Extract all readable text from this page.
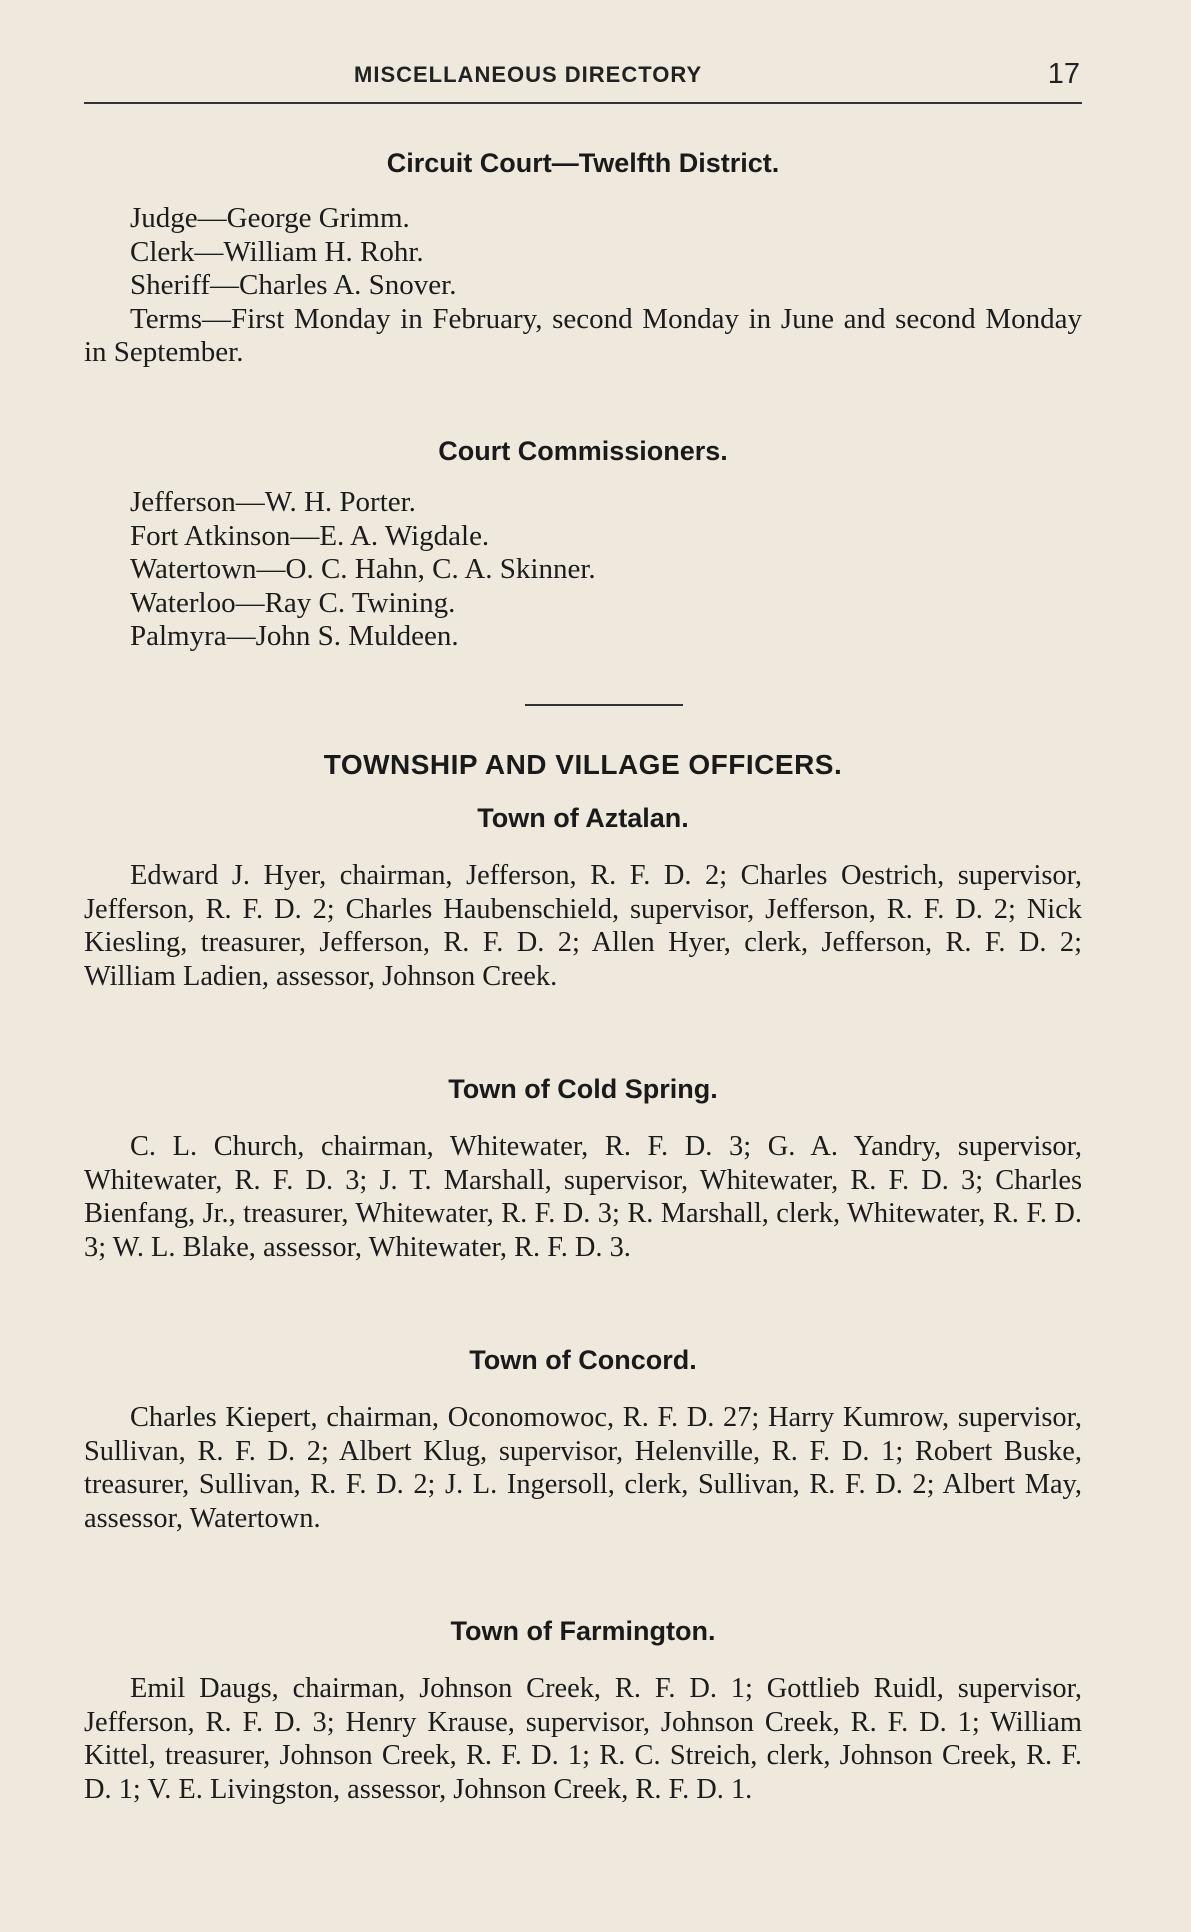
MISCELLANEOUS DIRECTORY	17
Circuit Court—Twelfth District.
Judge—George Grimm.
Clerk—William H. Rohr.
Sheriff—Charles A. Snover.

Terms—First Monday in February, second Monday in June and second Monday in September.

Court Commissioners.
Jefferson—W. H. Porter.
Fort Atkinson—E. A. Wigdale.
Watertown—O. C. Hahn, C. A. Skinner.
Waterloo—Ray C. Twining.
Palmyra—John S. Muldeen.
TOWNSHIP AND VILLAGE OFFICERS.
Town of Aztalan.

Edward J. Hyer, chairman, Jefferson, R. F. D. 2; Charles Oestrich, supervisor, Jefferson, R. F. D. 2; Charles Haubenschield, supervisor, Jefferson, R. F. D. 2; Nick Kiesling, treasurer, Jefferson, R. F. D. 2; Allen Hyer, clerk, Jefferson, R. F. D. 2; William Ladien, assessor, Johnson Creek.

Town of Cold Spring.

C. L. Church, chairman, Whitewater, R. F. D. 3; G. A. Yandry, supervisor, Whitewater, R. F. D. 3; J. T. Marshall, supervisor, Whitewater, R. F. D. 3; Charles Bienfang, Jr., treasurer, Whitewater, R. F. D. 3; R. Marshall, clerk, Whitewater, R. F. D. 3; W. L. Blake, assessor, Whitewater, R. F. D. 3.

Town of Concord.

Charles Kiepert, chairman, Oconomowoc, R. F. D. 27; Harry Kumrow, supervisor, Sullivan, R. F. D. 2; Albert Klug, supervisor, Helenville, R. F. D. 1; Robert Buske, treasurer, Sullivan, R. F. D. 2; J. L. Ingersoll, clerk, Sullivan, R. F. D. 2; Albert May, assessor, Watertown.

Town of Farmington.

Emil Daugs, chairman, Johnson Creek, R. F. D. 1; Gottlieb Ruidl, supervisor, Jefferson, R. F. D. 3; Henry Krause, supervisor, Johnson Creek, R. F. D. 1; William Kittel, treasurer, Johnson Creek, R. F. D. 1; R. C. Streich, clerk, Johnson Creek, R. F. D. 1; V. E. Livingston, assessor, Johnson Creek, R. F. D. 1.
